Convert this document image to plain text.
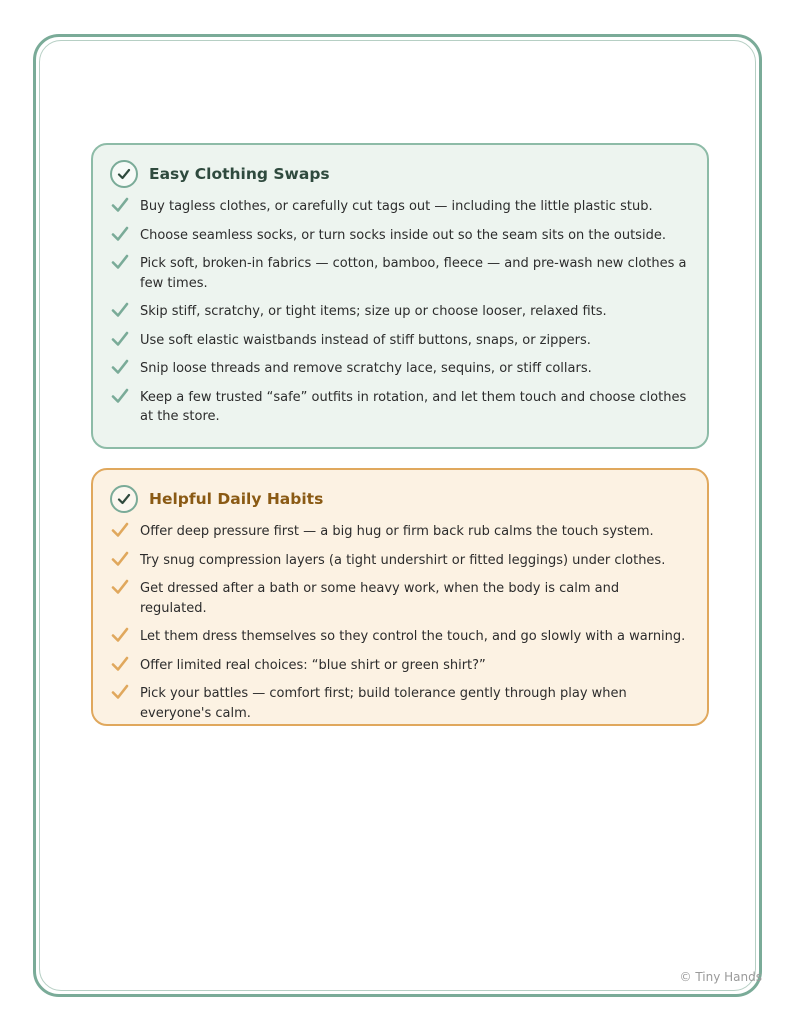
Easy Clothing Swaps
Buy tagless clothes, or carefully cut tags out — including the little plastic stub.
Choose seamless socks, or turn socks inside out so the seam sits on the outside.
Pick soft, broken-in fabrics — cotton, bamboo, fleece — and pre-wash new clothes a few times.
Skip stiff, scratchy, or tight items; size up or choose looser, relaxed fits.
Use soft elastic waistbands instead of stiff buttons, snaps, or zippers.
Snip loose threads and remove scratchy lace, sequins, or stiff collars.
Keep a few trusted “safe” outfits in rotation, and let them touch and choose clothes at the store.
Helpful Daily Habits
Offer deep pressure first — a big hug or firm back rub calms the touch system.
Try snug compression layers (a tight undershirt or fitted leggings) under clothes.
Get dressed after a bath or some heavy work, when the body is calm and regulated.
Let them dress themselves so they control the touch, and go slowly with a warning.
Offer limited real choices: “blue shirt or green shirt?”
Pick your battles — comfort first; build tolerance gently through play when everyone's calm.
© Tiny Hands
